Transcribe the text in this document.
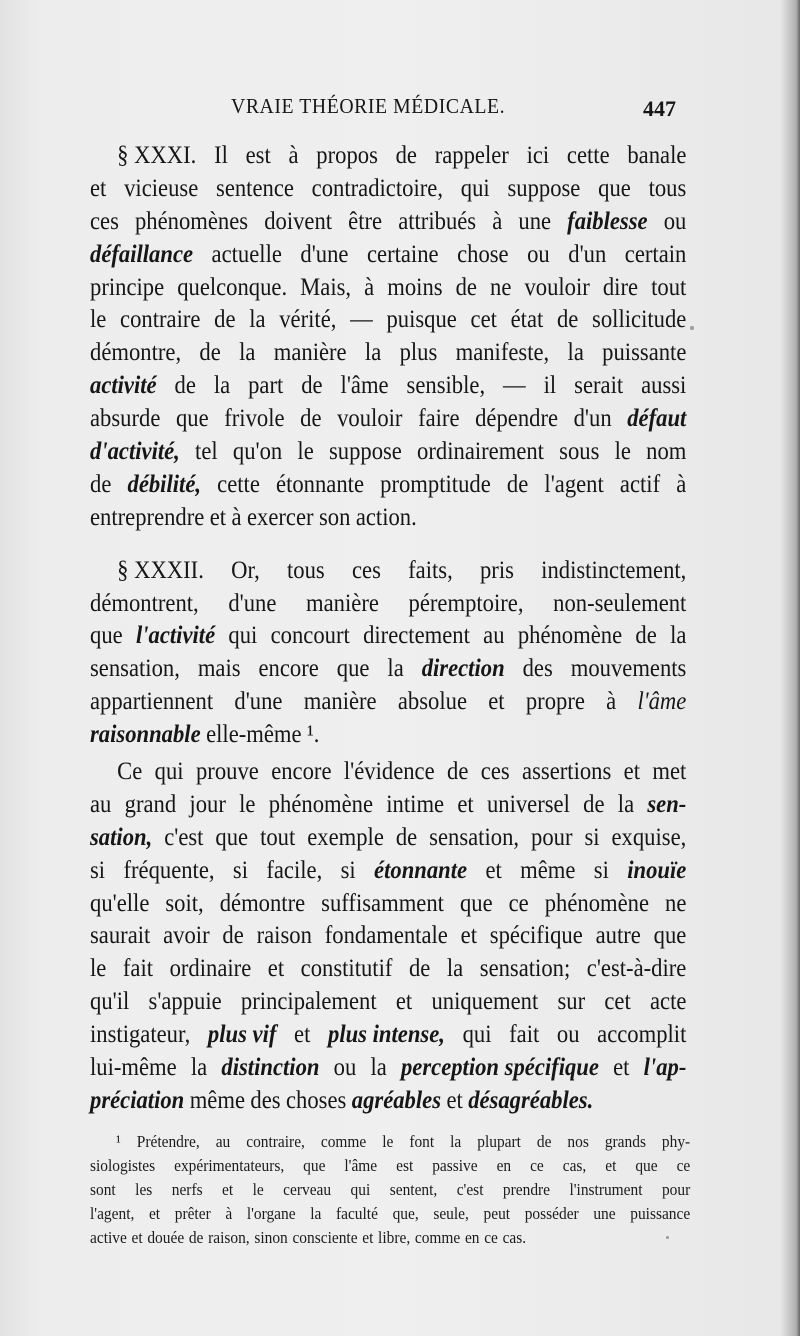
VRAIE THÉORIE MÉDICALE.	447
§ XXXI. Il est à propos de rappeler ici cette banale
et vicieuse sentence contradictoire, qui suppose que tous
ces phénomènes doivent être attribués à une faiblesse ou
défaillance actuelle d'une certaine chose ou d'un certain
principe quelconque. Mais, à moins de ne vouloir dire tout
le contraire de la vérité, — puisque cet état de sollicitude
démontre, de la manière la plus manifeste, la puissante
activité de la part de l'âme sensible, — il serait aussi
absurde que frivole de vouloir faire dépendre d'un défaut
d'activité, tel qu'on le suppose ordinairement sous le nom
de débilité, cette étonnante promptitude de l'agent actif à
entreprendre et à exercer son action.
§ XXXII. Or, tous ces faits, pris indistinctement,
démontrent, d'une manière péremptoire, non-seulement
que l'activité qui concourt directement au phénomène de la
sensation, mais encore que la direction des mouvements
appartiennent d'une manière absolue et propre à l'âme
raisonnable elle-même ¹.
Ce qui prouve encore l'évidence de ces assertions et met
au grand jour le phénomène intime et universel de la sen-
sation, c'est que tout exemple de sensation, pour si exquise,
si fréquente, si facile, si étonnante et même si inouïe
qu'elle soit, démontre suffisamment que ce phénomène ne
saurait avoir de raison fondamentale et spécifique autre que
le fait ordinaire et constitutif de la sensation; c'est-à-dire
qu'il s'appuie principalement et uniquement sur cet acte
instigateur, plus vif et plus intense, qui fait ou accomplit
lui-même la distinction ou la perception spécifique et l'ap-
préciation même des choses agréables et désagréables.
¹ Prétendre, au contraire, comme le font la plupart de nos grands phy-
siologistes expérimentateurs, que l'âme est passive en ce cas, et que ce
sont les nerfs et le cerveau qui sentent, c'est prendre l'instrument pour
l'agent, et prêter à l'organe la faculté que, seule, peut posséder une puissance
active et douée de raison, sinon consciente et libre, comme en ce cas.
